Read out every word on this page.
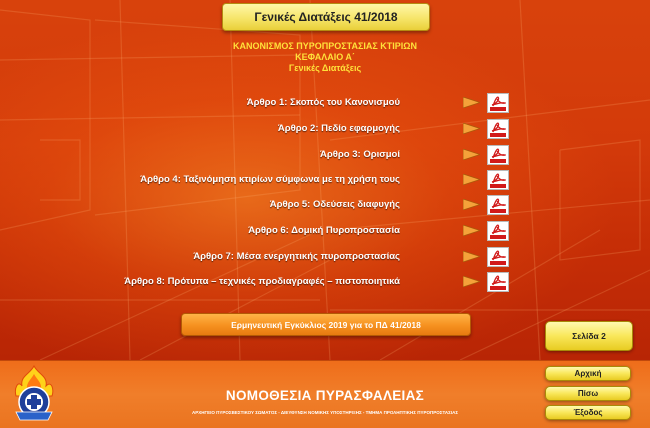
Γενικές Διατάξεις 41/2018
ΚΑΝΟΝΙΣΜΟΣ ΠΥΡΟΠΡΟΣΤΑΣΙΑΣ ΚΤΙΡΙΩΝ
ΚΕΦΑΛΑΙΟ Α΄
Γενικές Διατάξεις
Άρθρο 1: Σκοπός του Κανονισμού
Άρθρο 2: Πεδίο εφαρμογής
Άρθρο 3: Ορισμοί
Άρθρο 4: Ταξινόμηση κτιρίων σύμφωνα με τη χρήση τους
Άρθρο 5: Οδεύσεις διαφυγής
Άρθρο 6: Δομική Πυροπροστασία
Άρθρο 7: Μέσα ενεργητικής πυροπροστασίας
Άρθρο 8: Πρότυπα – τεχνικές προδιαγραφές – πιστοποιητικά
Ερμηνευτική Εγκύκλιος 2019 για το ΠΔ 41/2018
Σελίδα 2
ΝΟΜΟΘΕΣΙΑ ΠΥΡΑΣΦΑΛΕΙΑΣ
ΑΡΧΗΓΕΙΟ ΠΥΡΟΣΒΕΣΤΙΚΟΥ ΣΩΜΑΤΟΣ - ΔΙΕΥΘΥΝΣΗ ΝΟΜΙΚΗΣ ΥΠΟΣΤΗΡΙΞΗΣ - ΤΜΗΜΑ ΠΡΟΛΗΠΤΙΚΗΣ ΠΥΡΟΠΡΟΣΤΑΣΙΑΣ
Αρχική
Πίσω
Έξοδος
